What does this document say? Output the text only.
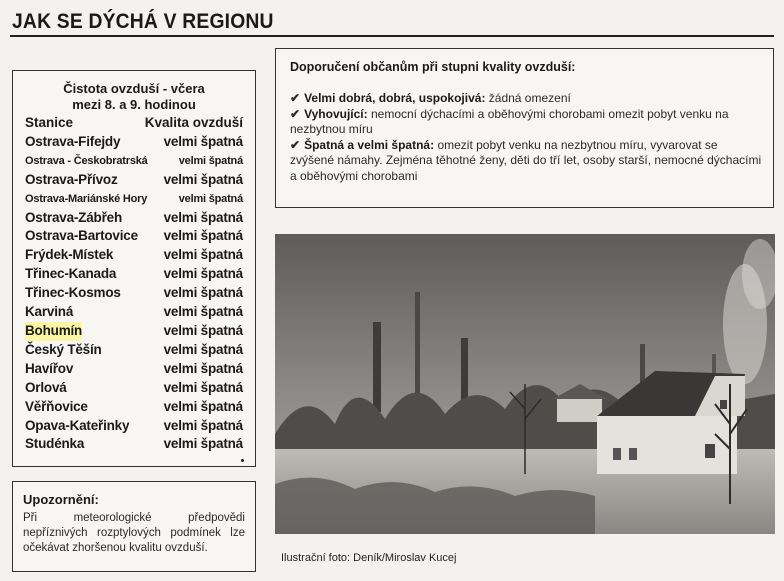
JAK SE DÝCHÁ V REGIONU
Čistota ovzduší - včera
mezi 8. a 9. hodinou
Stanice	Kvalita ovzduší
Ostrava-Fifejdy	velmi špatná
Ostrava - Českobratrská	velmi špatná
Ostrava-Přívoz	velmi špatná
Ostrava-Mariánské Hory	velmi špatná
Ostrava-Zábřeh	velmi špatná
Ostrava-Bartovice velmi špatná
Frýdek-Místek	velmi špatná
Třinec-Kanada	velmi špatná
Třinec-Kosmos	velmi špatná
Karviná	velmi špatná
Bohumín	velmi špatná
Český Těšín	velmi špatná
Havířov	velmi špatná
Orlová	velmi špatná
Věřňovice	velmi špatná
Opava-Kateřinky	velmi špatná
Studénka	velmi špatná
Upozornění:
Při meteorologické předpovědi nepříznivých rozptylových podmínek lze očekávat zhoršenou kvalitu ovzduší.
Doporučení občanům při stupni kvality ovzduší:
✔ Velmi dobrá, dobrá, uspokojivá: žádná omezení
✔ Vyhovující: nemocní dýchacími a oběhovými chorobami omezit pobyt venku na nezbytnou míru
✔ Špatná a velmi špatná: omezit pobyt venku na nezbytnou míru, vyvarovat se zvýšené námahy. Zejména těhotné ženy, děti do tří let, osoby starší, nemocné dýchacími a oběhovými chorobami
Ilustrační foto: Deník/Miroslav Kucej
